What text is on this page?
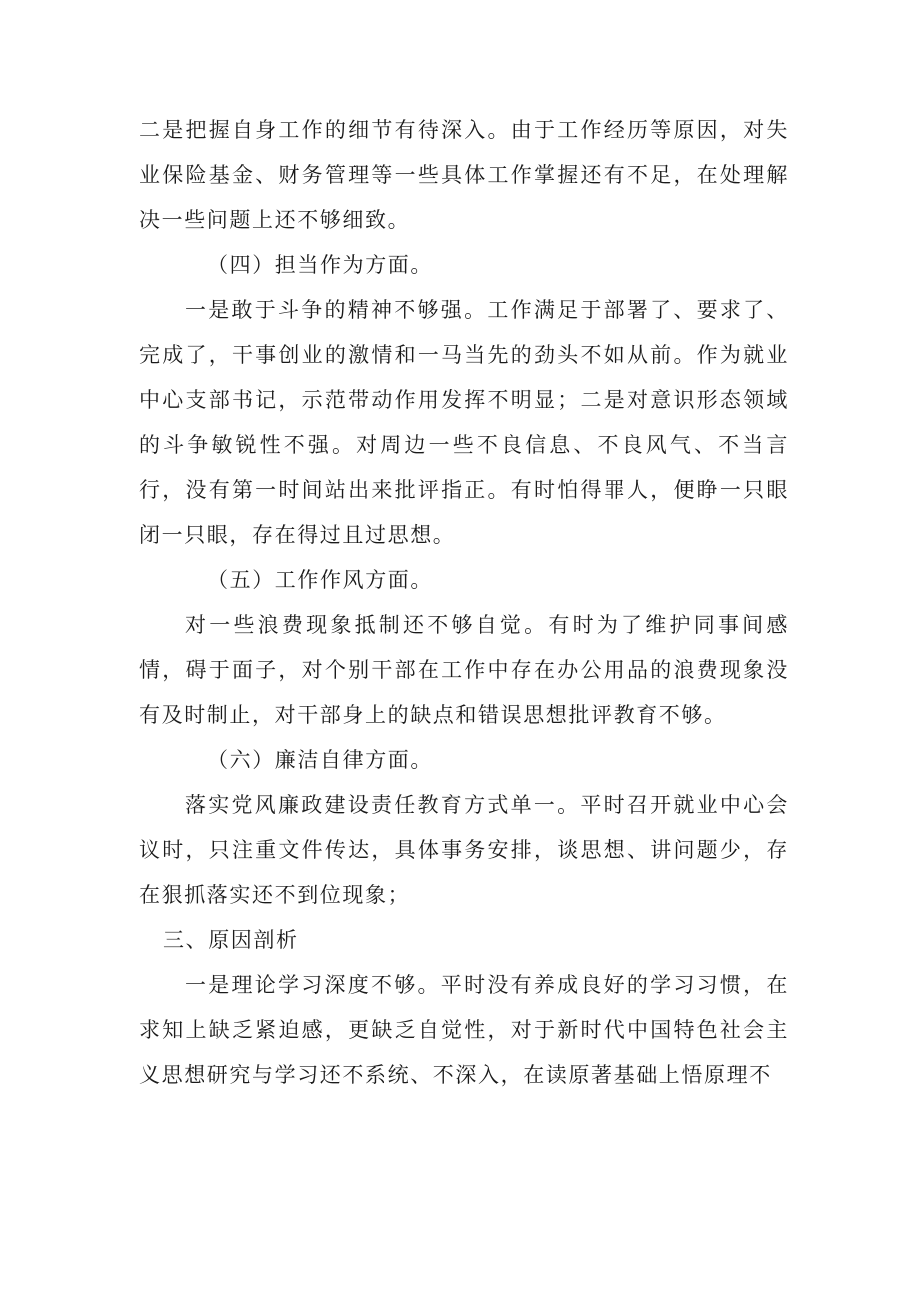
二是把握自身工作的细节有待深入。由于工作经历等原因，对失业保险基金、财务管理等一些具体工作掌握还有不足，在处理解决一些问题上还不够细致。

（四）担当作为方面。

一是敢于斗争的精神不够强。工作满足于部署了、要求了、完成了，干事创业的激情和一马当先的劲头不如从前。作为就业中心支部书记，示范带动作用发挥不明显；二是对意识形态领域的斗争敏锐性不强。对周边一些不良信息、不良风气、不当言行，没有第一时间站出来批评指正。有时怕得罪人，便睁一只眼闭一只眼，存在得过且过思想。

（五）工作作风方面。

对一些浪费现象抵制还不够自觉。有时为了维护同事间感情，碍于面子，对个别干部在工作中存在办公用品的浪费现象没有及时制止，对干部身上的缺点和错误思想批评教育不够。

（六）廉洁自律方面。

落实党风廉政建设责任教育方式单一。平时召开就业中心会议时，只注重文件传达，具体事务安排，谈思想、讲问题少，存在狠抓落实还不到位现象；

三、原因剖析

一是理论学习深度不够。平时没有养成良好的学习习惯，在求知上缺乏紧迫感，更缺乏自觉性，对于新时代中国特色社会主义思想研究与学习还不系统、不深入，在读原著基础上悟原理不
